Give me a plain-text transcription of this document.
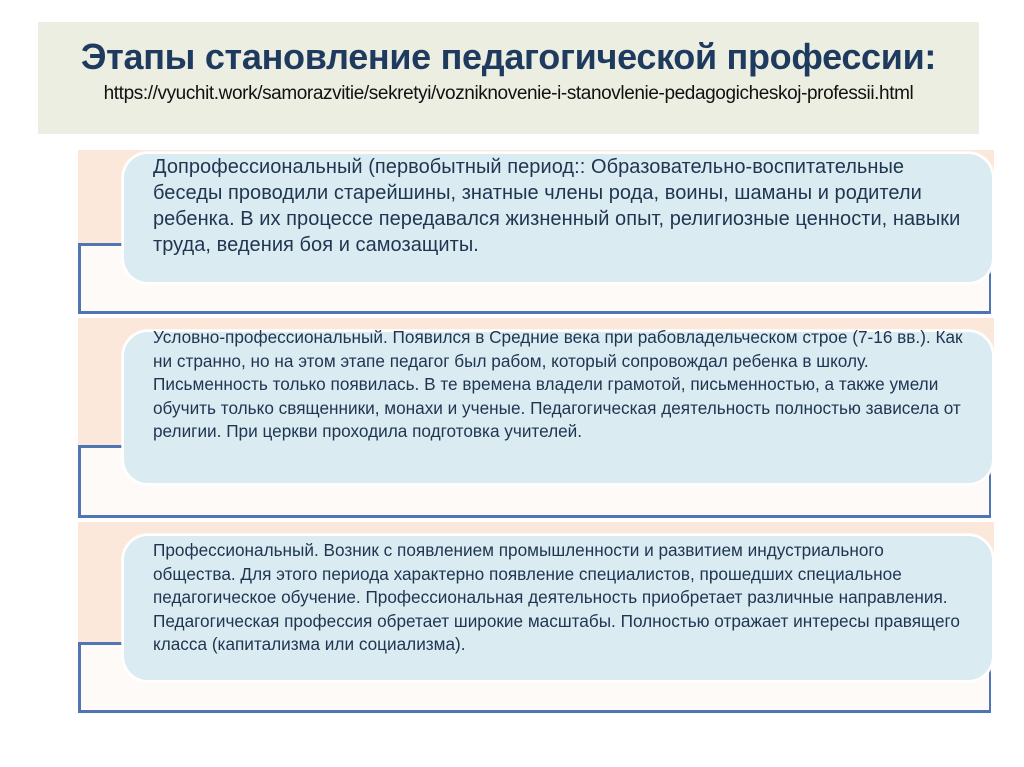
Этапы становление педагогической профессии:
https://vyuchit.work/samorazvitie/sekretyi/vozniknovenie-i-stanovlenie-pedagogicheskoj-professii.html
Допрофессиональный (первобытный период:: Образовательно-воспитательные беседы проводили старейшины, знатные члены рода, воины, шаманы и родители ребенка. В их процессе передавался жизненный опыт, религиозные ценности, навыки труда, ведения боя и самозащиты.
Условно-профессиональный. Появился в Средние века при рабовладельческом строе (7-16 вв.). Как ни странно, но на этом этапе педагог был рабом, который сопровождал ребенка в школу. Письменность только появилась. В те времена владели грамотой, письменностью, а также умели обучить только священники, монахи и ученые. Педагогическая деятельность полностью зависела от религии. При церкви проходила подготовка учителей.
Профессиональный. Возник с появлением промышленности и развитием индустриального общества. Для этого периода характерно появление специалистов, прошедших специальное педагогическое обучение. Профессиональная деятельность приобретает различные направления. Педагогическая профессия обретает широкие масштабы. Полностью отражает интересы правящего класса (капитализма или социализма).
